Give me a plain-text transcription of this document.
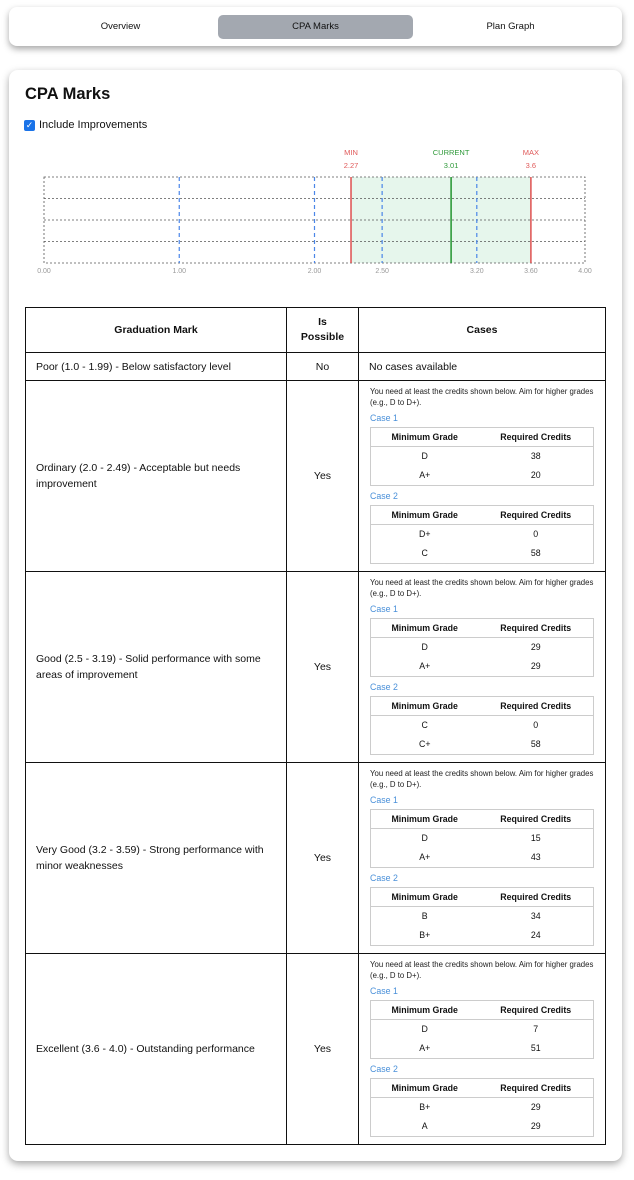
Overview	CPA Marks	Plan Graph
CPA Marks
✓ Include Improvements
MIN
2.27
CURRENT
3.01
MAX
3.6
0.00	1.00	2.00	2.50	3.20	3.60	4.00
Graduation Mark	Is Possible	Cases
Poor (1.0 - 1.99) - Below satisfactory level	No	No cases available
Ordinary (2.0 - 2.49) - Acceptable but needs improvement	Yes	
You need at least the credits shown below. Aim for higher grades (e.g., D to D+).
Case 1
Minimum Grade	Required Credits
D	38
A+	20
Case 2
Minimum Grade	Required Credits
D+	0
C	58

Good (2.5 - 3.19) - Solid performance with some areas of improvement	Yes	
You need at least the credits shown below. Aim for higher grades (e.g., D to D+).
Case 1
Minimum Grade	Required Credits
D	29
A+	29
Case 2
Minimum Grade	Required Credits
C	0
C+	58

Very Good (3.2 - 3.59) - Strong performance with minor weaknesses	Yes	
You need at least the credits shown below. Aim for higher grades (e.g., D to D+).
Case 1
Minimum Grade	Required Credits
D	15
A+	43
Case 2
Minimum Grade	Required Credits
B	34
B+	24

Excellent (3.6 - 4.0) - Outstanding performance	Yes	
You need at least the credits shown below. Aim for higher grades (e.g., D to D+).
Case 1
Minimum Grade	Required Credits
D	7
A+	51
Case 2
Minimum Grade	Required Credits
B+	29
A	29
